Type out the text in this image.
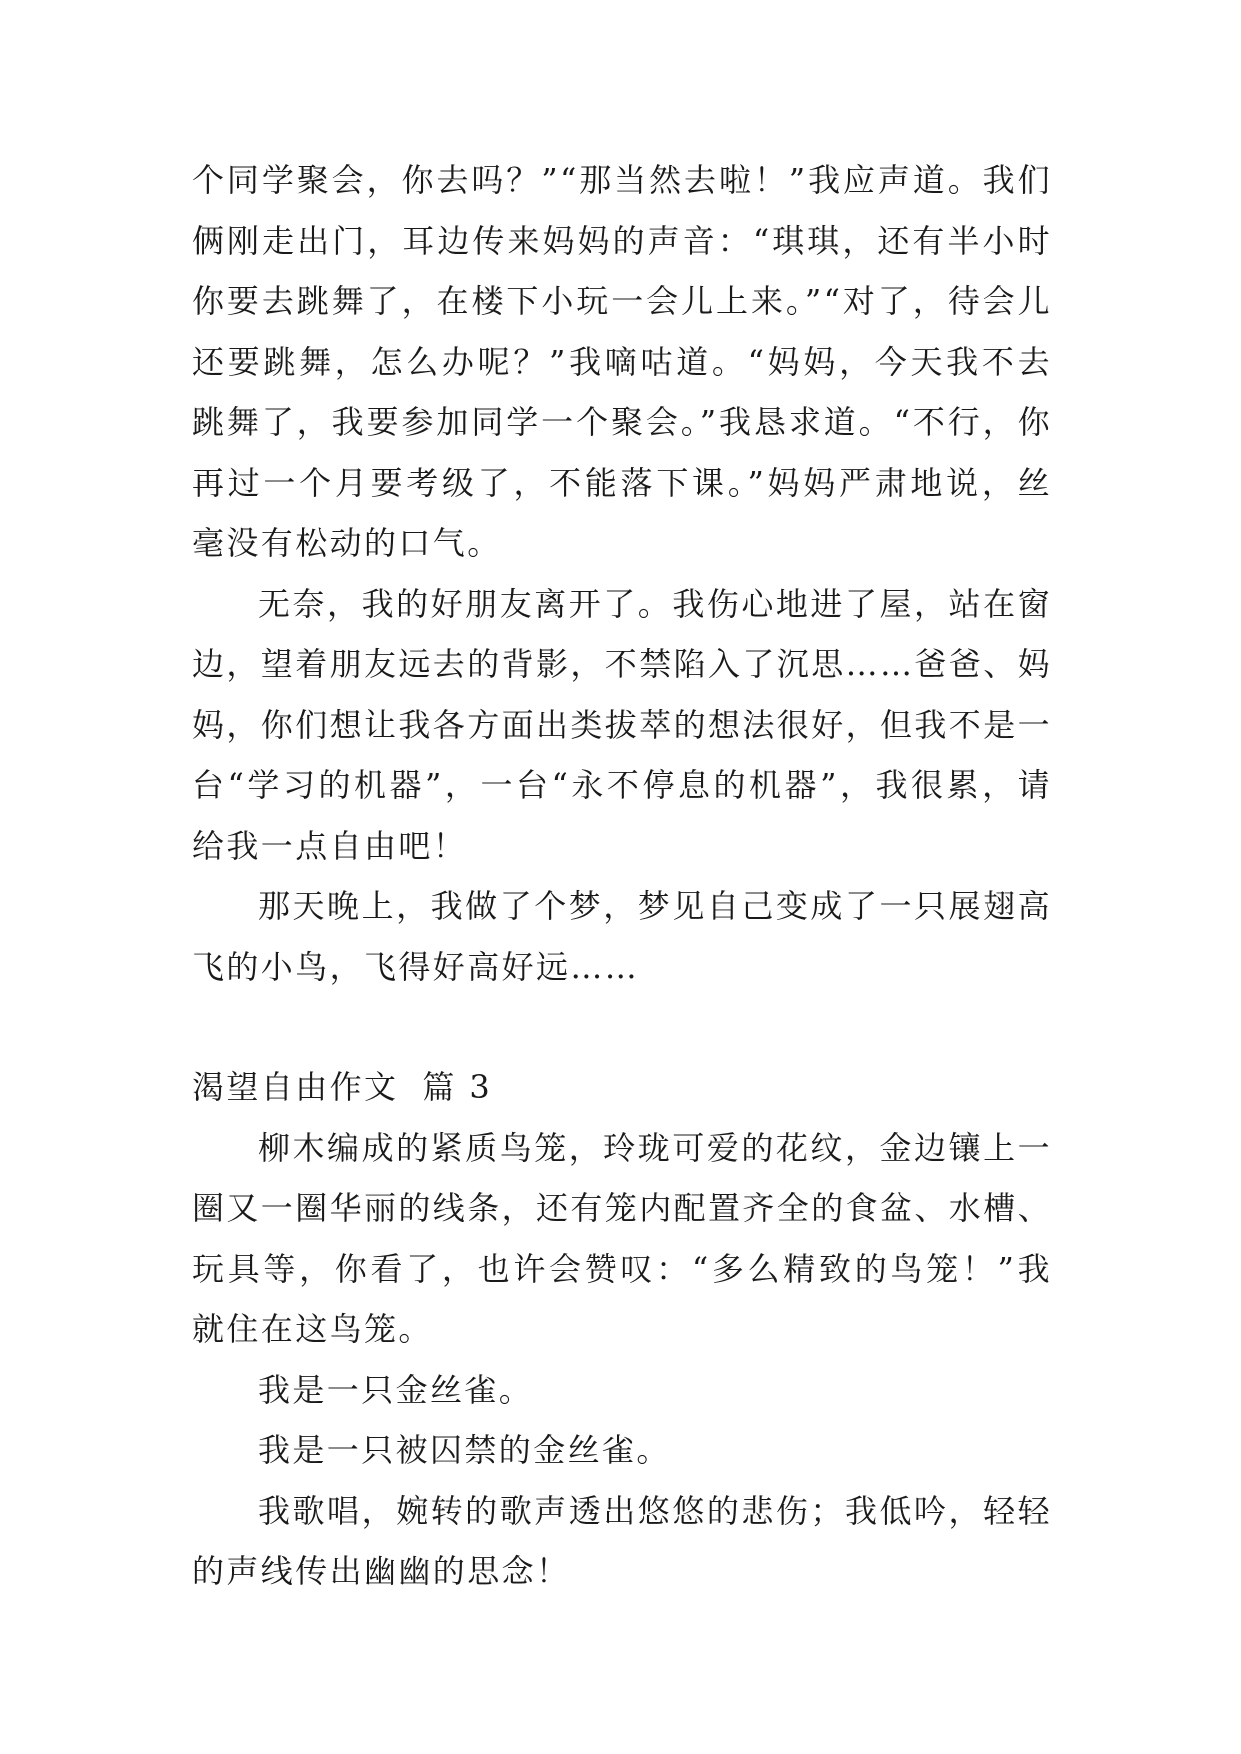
个同学聚会，你去吗？”“那当然去啦！”我应声道。我们俩刚走出门，耳边传来妈妈的声音：“琪琪，还有半小时你要去跳舞了，在楼下小玩一会儿上来。”“对了，待会儿还要跳舞，怎么办呢？”我嘀咕道。“妈妈，今天我不去跳舞了，我要参加同学一个聚会。”我恳求道。“不行，你再过一个月要考级了，不能落下课。”妈妈严肃地说，丝毫没有松动的口气。

无奈，我的好朋友离开了。我伤心地进了屋，站在窗边，望着朋友远去的背影，不禁陷入了沉思……爸爸、妈妈，你们想让我各方面出类拔萃的想法很好，但我不是一台“学习的机器”，一台“永不停息的机器”，我很累，请给我一点自由吧！

那天晚上，我做了个梦，梦见自己变成了一只展翅高飞的小鸟，飞得好高好远……

渴望自由作文 篇 3

柳木编成的紧质鸟笼，玲珑可爱的花纹，金边镶上一圈又一圈华丽的线条，还有笼内配置齐全的食盆、水槽、玩具等，你看了，也许会赞叹：“多么精致的鸟笼！”我就住在这鸟笼。

我是一只金丝雀。

我是一只被囚禁的金丝雀。

我歌唱，婉转的歌声透出悠悠的悲伤；我低吟，轻轻的声线传出幽幽的思念！
